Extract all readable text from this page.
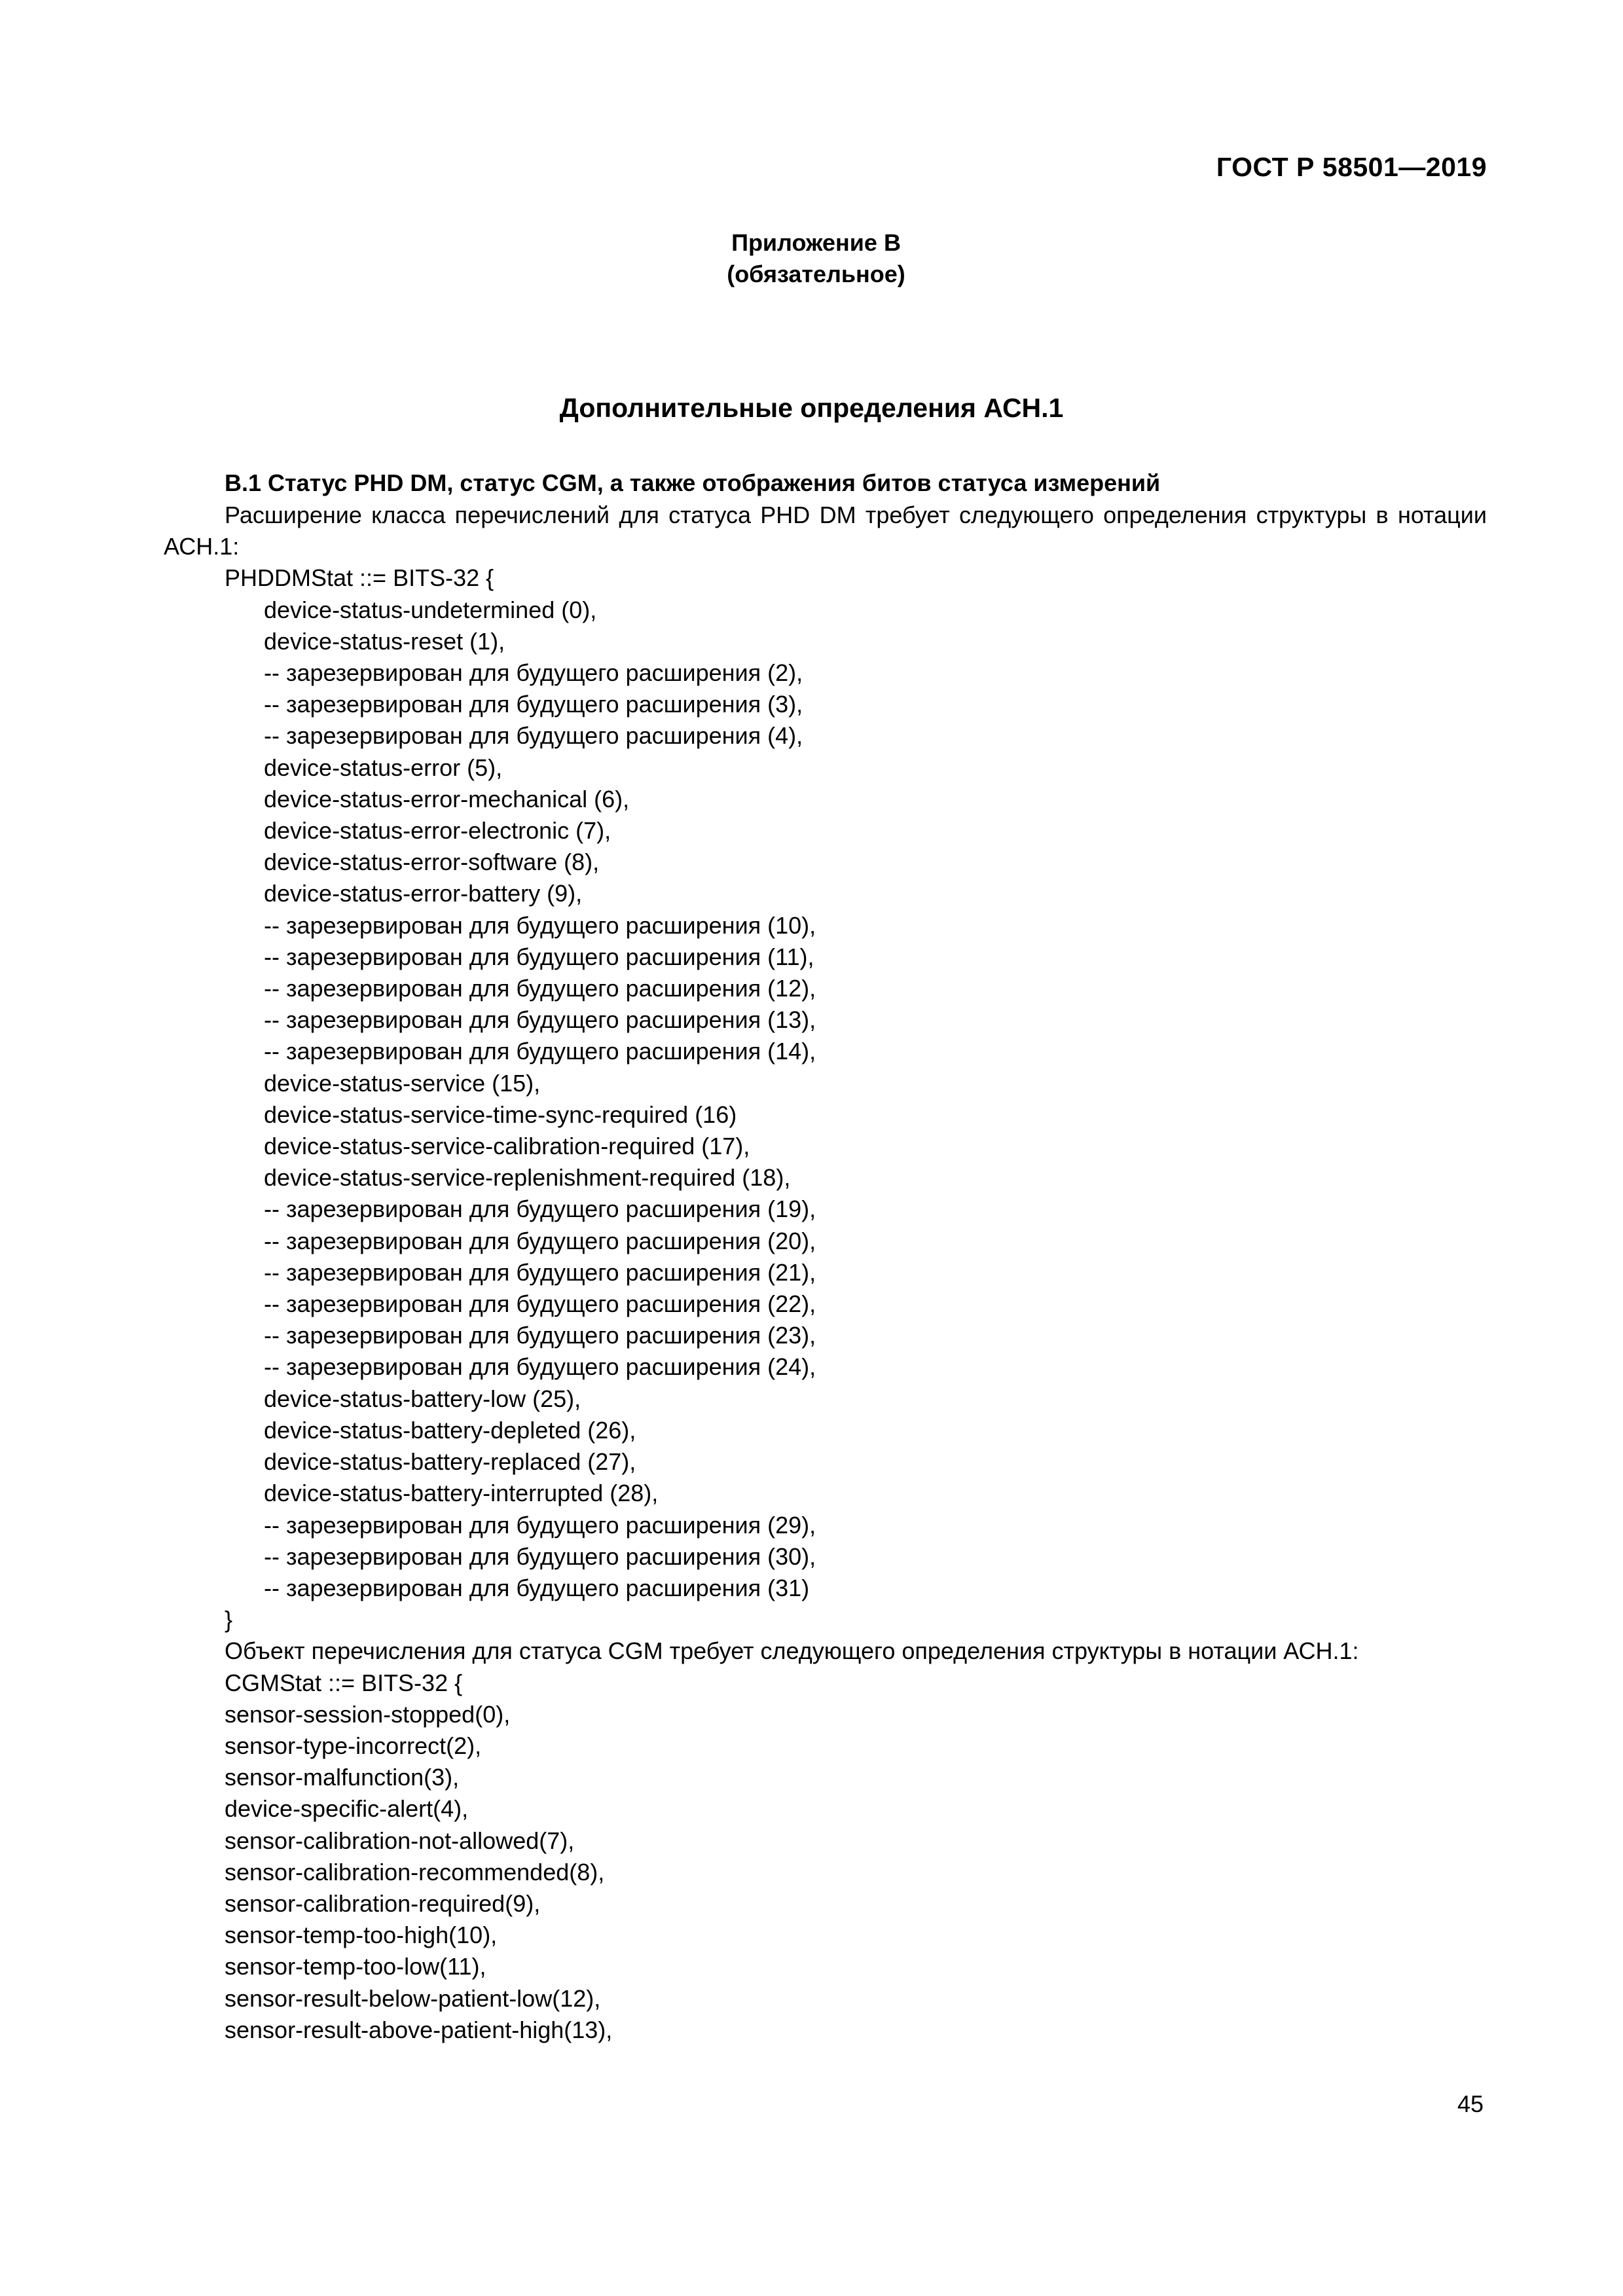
ГОСТ Р 58501—2019
Приложение В
(обязательное)
Дополнительные определения АСН.1
В.1 Статус PHD DM, статус CGM, а также отображения битов статуса измерений
Расширение класса перечислений для статуса PHD DM требует следующего определения структуры в нотации АСН.1:
PHDDMStat ::= BITS-32 {
device-status-undetermined (0),
device-status-reset (1),
-- зарезервирован для будущего расширения (2),
-- зарезервирован для будущего расширения (3),
-- зарезервирован для будущего расширения (4),
device-status-error (5),
device-status-error-mechanical (6),
device-status-error-electronic (7),
device-status-error-software (8),
device-status-error-battery (9),
-- зарезервирован для будущего расширения (10),
-- зарезервирован для будущего расширения (11),
-- зарезервирован для будущего расширения (12),
-- зарезервирован для будущего расширения (13),
-- зарезервирован для будущего расширения (14),
device-status-service (15),
device-status-service-time-sync-required (16)
device-status-service-calibration-required (17),
device-status-service-replenishment-required (18),
-- зарезервирован для будущего расширения (19),
-- зарезервирован для будущего расширения (20),
-- зарезервирован для будущего расширения (21),
-- зарезервирован для будущего расширения (22),
-- зарезервирован для будущего расширения (23),
-- зарезервирован для будущего расширения (24),
device-status-battery-low (25),
device-status-battery-depleted (26),
device-status-battery-replaced (27),
device-status-battery-interrupted (28),
-- зарезервирован для будущего расширения (29),
-- зарезервирован для будущего расширения (30),
-- зарезервирован для будущего расширения (31)
}
Объект перечисления для статуса CGM требует следующего определения структуры в нотации АСН.1:
CGMStat ::= BITS-32 {
sensor-session-stopped(0),
sensor-type-incorrect(2),
sensor-malfunction(3),
device-specific-alert(4),
sensor-calibration-not-allowed(7),
sensor-calibration-recommended(8),
sensor-calibration-required(9),
sensor-temp-too-high(10),
sensor-temp-too-low(11),
sensor-result-below-patient-low(12),
sensor-result-above-patient-high(13),
45
